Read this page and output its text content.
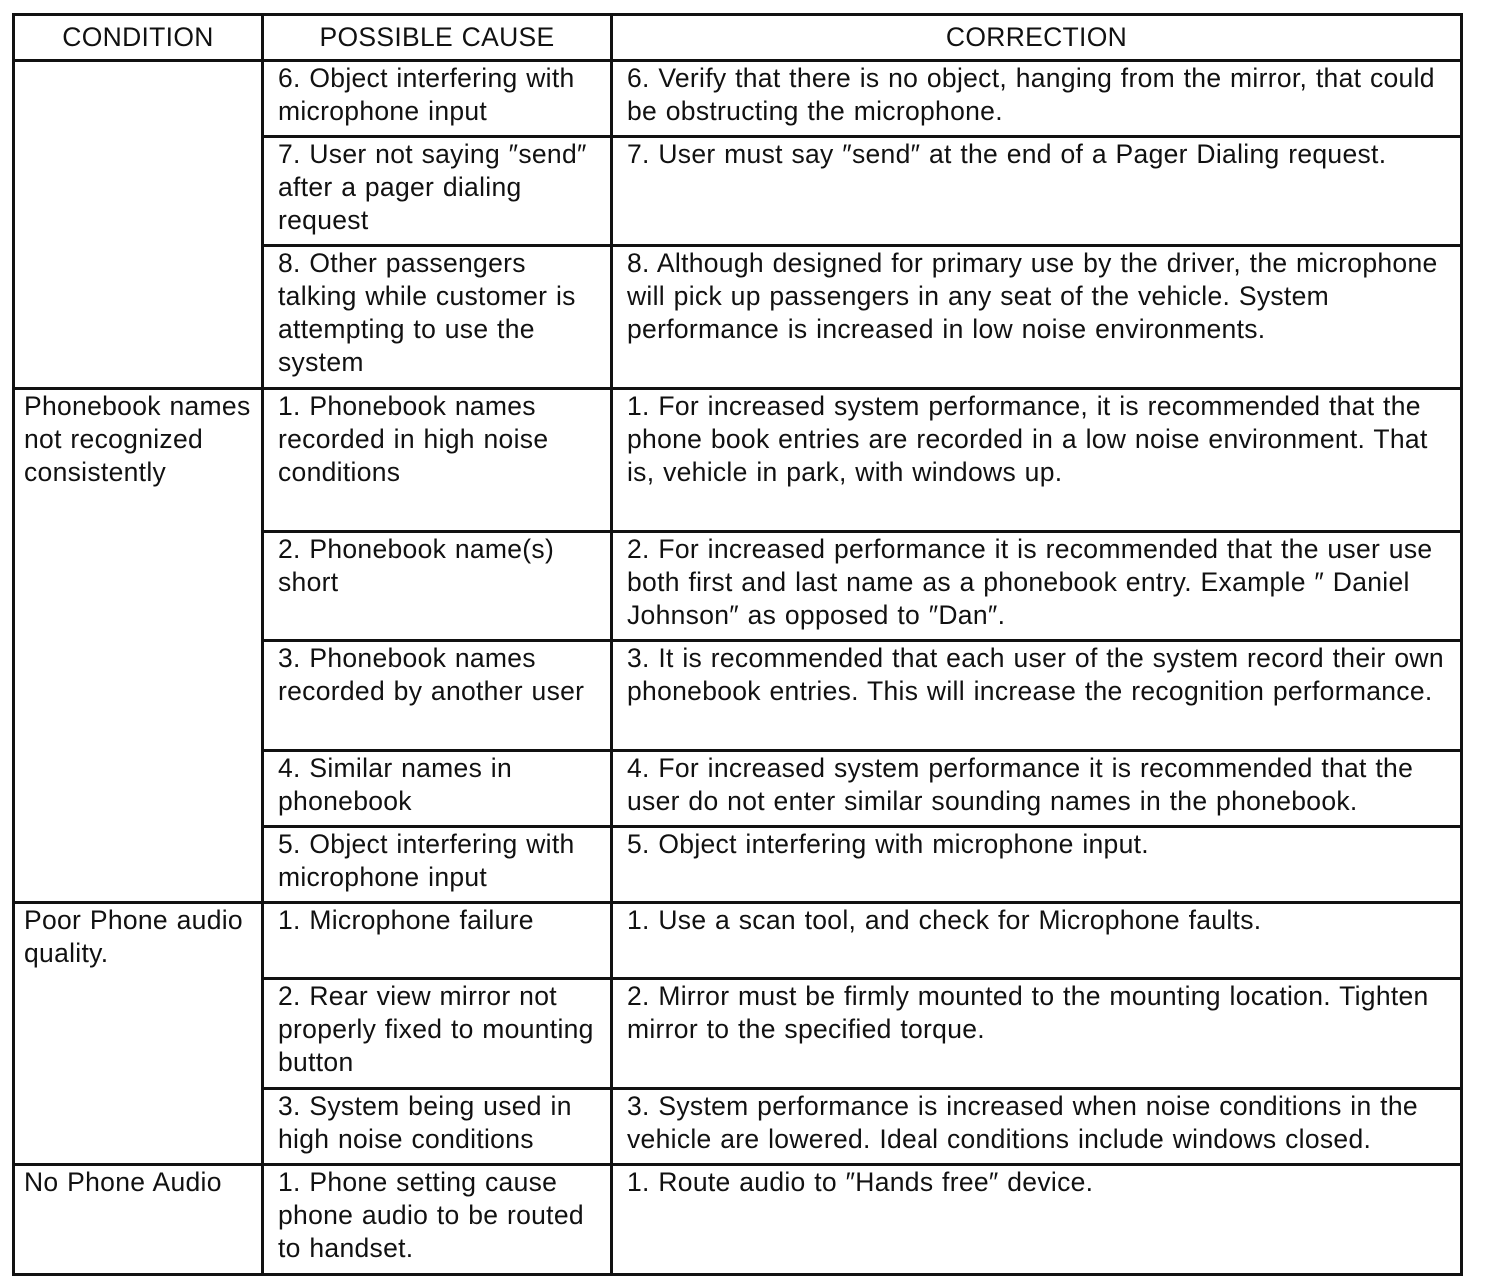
CONDITION	POSSIBLE CAUSE	CORRECTION
	6. Object interfering with microphone input	6. Verify that there is no object, hanging from the mirror, that could be obstructing the microphone.
	7. User not saying ″send″ after a pager dialing request	7. User must say ″send″ at the end of a Pager Dialing request.
	8. Other passengers talking while customer is attempting to use the system	8. Although designed for primary use by the driver, the microphone will pick up passengers in any seat of the vehicle. System performance is increased in low noise environments.
Phonebook names not recognized consistently	1. Phonebook names recorded in high noise conditions	1. For increased system performance, it is recommended that the phone book entries are recorded in a low noise environment. That is, vehicle in park, with windows up.
	2. Phonebook name(s) short	2. For increased performance it is recommended that the user use both first and last name as a phonebook entry. Example ″ Daniel Johnson″ as opposed to ″Dan″.
	3. Phonebook names recorded by another user	3. It is recommended that each user of the system record their own phonebook entries. This will increase the recognition performance.
	4. Similar names in phonebook	4. For increased system performance it is recommended that the user do not enter similar sounding names in the phonebook.
	5. Object interfering with microphone input	5. Object interfering with microphone input.
Poor Phone audio quality.	1. Microphone failure	1. Use a scan tool, and check for Microphone faults.
	2. Rear view mirror not properly fixed to mounting button	2. Mirror must be firmly mounted to the mounting location. Tighten mirror to the specified torque.
	3. System being used in high noise conditions	3. System performance is increased when noise conditions in the vehicle are lowered. Ideal conditions include windows closed.
No Phone Audio	1. Phone setting cause phone audio to be routed to handset.	1. Route audio to ″Hands free″ device.
